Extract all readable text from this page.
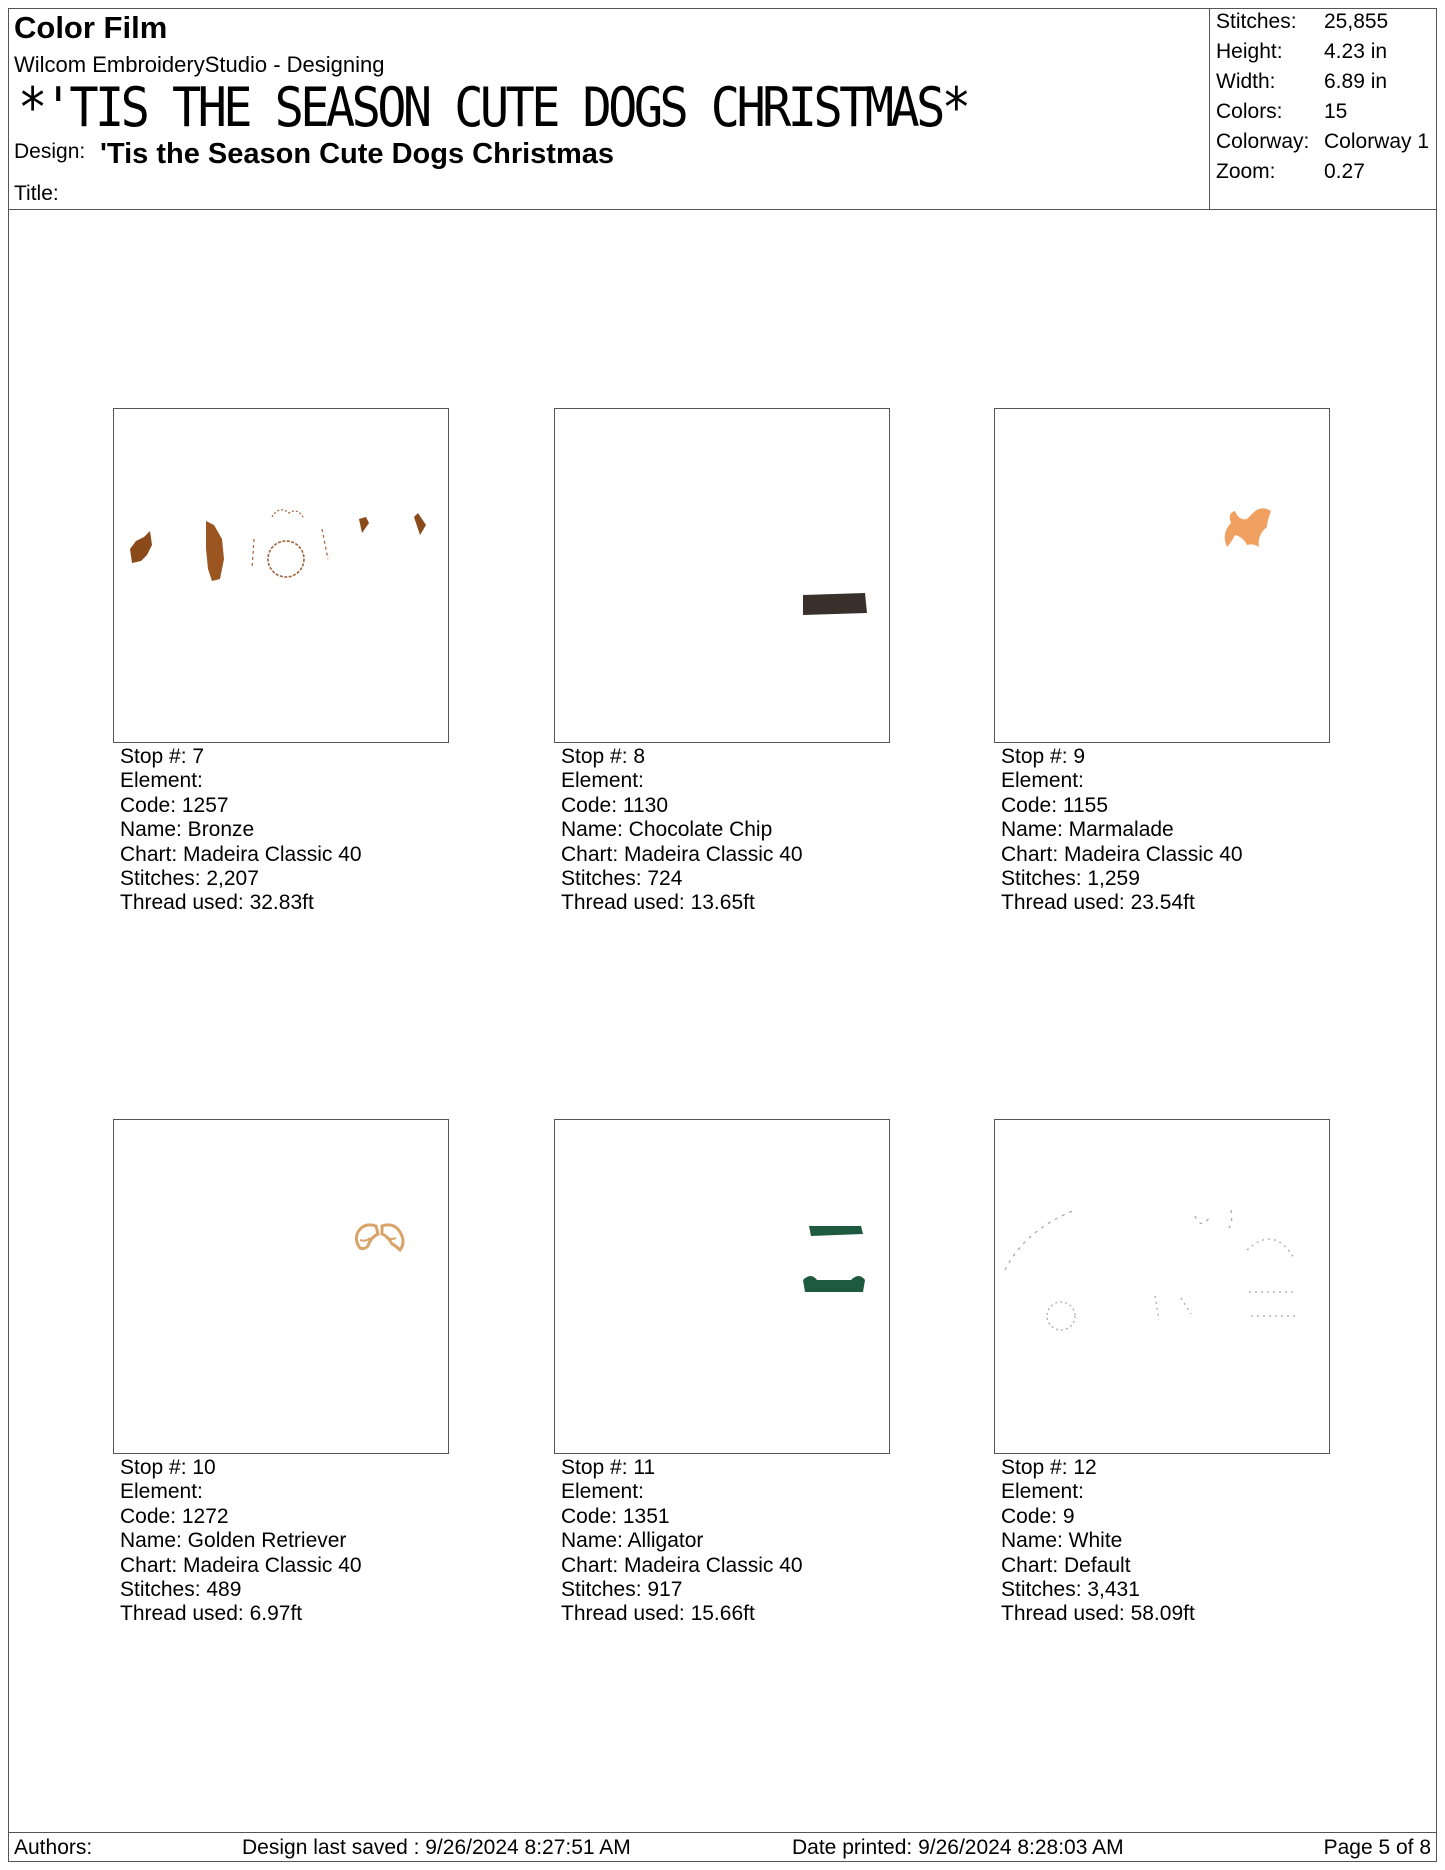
Color Film
Wilcom EmbroideryStudio - Designing
*'TIS THE SEASON CUTE DOGS CHRISTMAS*
Design: 'Tis the Season Cute Dogs Christmas
Title:
Stitches: 25,855
Height: 4.23 in
Width: 6.89 in
Colors: 15
Colorway: Colorway 1
Zoom: 0.27
Stop #: 7
Element:
Code: 1257
Name: Bronze
Chart: Madeira Classic 40
Stitches: 2,207
Thread used: 32.83ft
Stop #: 8
Element:
Code: 1130
Name: Chocolate Chip
Chart: Madeira Classic 40
Stitches: 724
Thread used: 13.65ft
Stop #: 9
Element:
Code: 1155
Name: Marmalade
Chart: Madeira Classic 40
Stitches: 1,259
Thread used: 23.54ft
Stop #: 10
Element:
Code: 1272
Name: Golden Retriever
Chart: Madeira Classic 40
Stitches: 489
Thread used: 6.97ft
Stop #: 11
Element:
Code: 1351
Name: Alligator
Chart: Madeira Classic 40
Stitches: 917
Thread used: 15.66ft
Stop #: 12
Element:
Code: 9
Name: White
Chart: Default
Stitches: 3,431
Thread used: 58.09ft
Authors:	Design last saved : 9/26/2024 8:27:51 AM	Date printed: 9/26/2024 8:28:03 AM	Page 5 of 8
